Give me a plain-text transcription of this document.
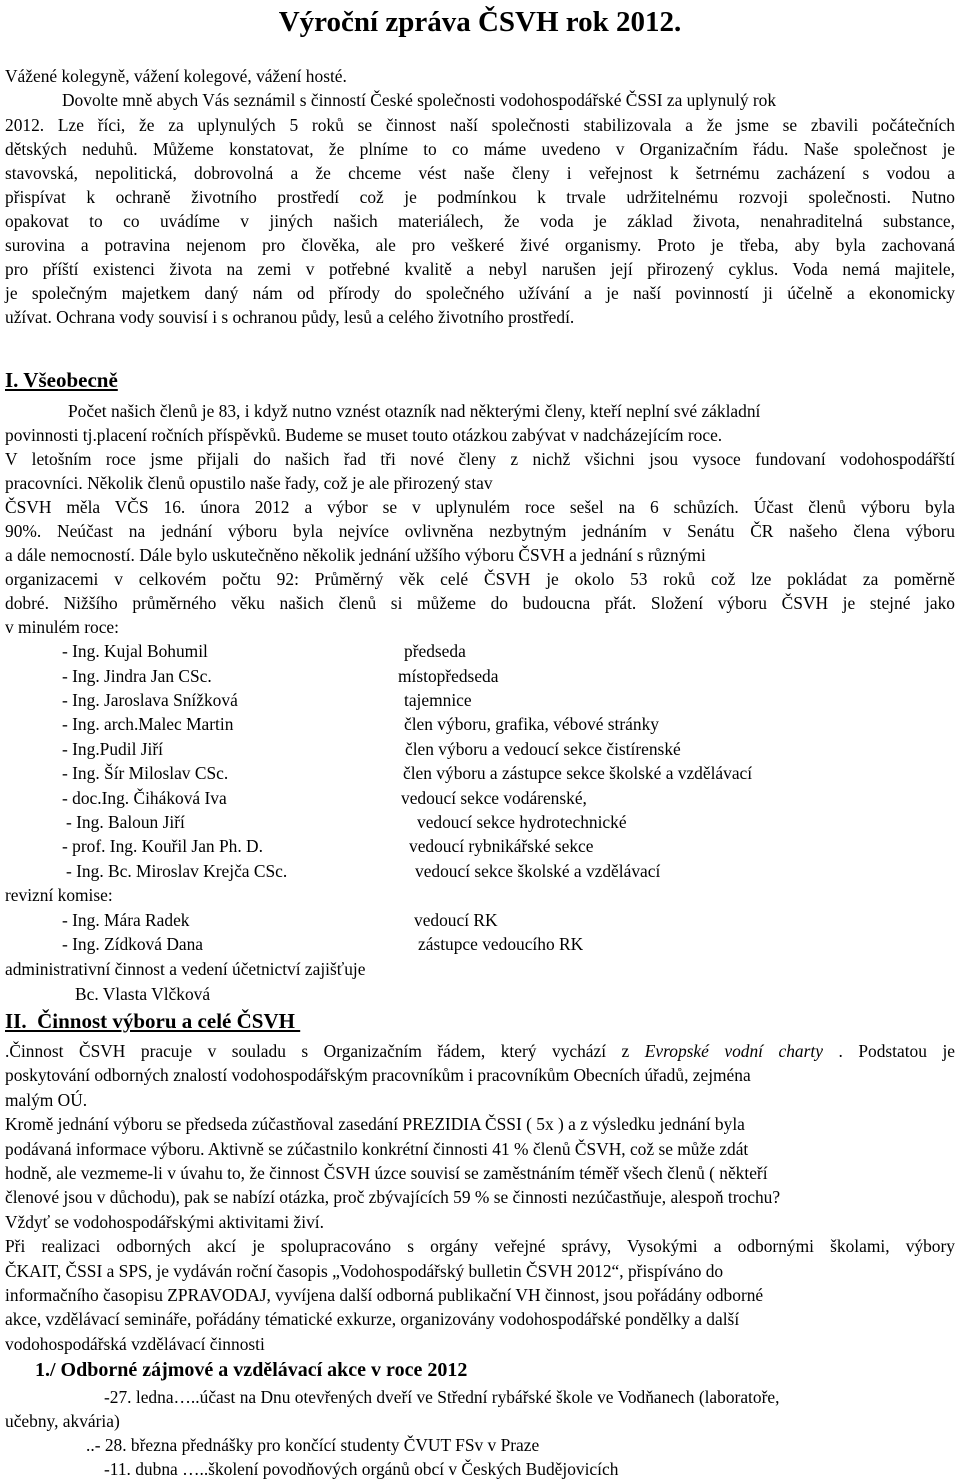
Výroční zpráva ČSVH rok 2012.
Vážené kolegyně, vážení kolegové, vážení hosté.
Dovolte mně abych Vás seznámil s činností České společnosti vodohospodářské ČSSI za uplynulý rok
2012. Lze říci, že za uplynulých 5 roků se činnost naší společnosti stabilizovala a že jsme se zbavili počátečních
dětských neduhů. Můžeme konstatovat, že plníme to co máme uvedeno v Organizačním řádu. Naše společnost je
stavovská, nepolitická, dobrovolná a že chceme vést naše členy i veřejnost k šetrnému zacházení s vodou a
přispívat k ochraně životního prostředí což je podmínkou k trvale udržitelnému rozvoji společnosti. Nutno
opakovat to co uvádíme v jiných našich materiálech, že voda je základ života, nenahraditelná substance,
surovina a potravina nejenom pro člověka, ale pro veškeré živé organismy. Proto je třeba, aby byla zachovaná
pro příští existenci života na zemi v potřebné kvalitě a nebyl narušen její přirozený cyklus. Voda nemá majitele,
je společným majetkem daný nám od přírody do společného užívání a je naší povinností ji účelně a ekonomicky
užívat. Ochrana vody souvisí i s ochranou půdy, lesů a celého životního prostředí.
I. Všeobecně
Počet našich členů je 83, i když nutno vznést otazník nad některými členy, kteří neplní své základní
povinnosti tj.placení ročních příspěvků. Budeme se muset touto otázkou zabývat v nadcházejícím roce.
V letošním roce jsme přijali do našich řad tři nové členy z nichž všichni jsou vysoce fundovaní vodohospodářští
pracovníci. Několik členů opustilo naše řady, což je ale přirozený stav
ČSVH měla VČS 16. února 2012 a výbor se v uplynulém roce sešel na 6 schůzích. Účast členů výboru byla
90%. Neúčast na jednání výboru byla nejvíce ovlivněna nezbytným jednáním v Senátu ČR našeho člena výboru
a dále nemocností. Dále bylo uskutečněno několik jednání užšího výboru ČSVH a jednání s různými
organizacemi v celkovém počtu 92: Průměrný věk celé ČSVH je okolo 53 roků což lze pokládat za poměrně
dobré. Nižšího průměrného věku našich členů si můžeme do budoucna přát. Složení výboru ČSVH je stejné jako
v minulém roce:
- Ing. Kujal Bohumil	předseda
- Ing. Jindra Jan CSc.	místopředseda
- Ing. Jaroslava Snížková	tajemnice
- Ing. arch.Malec Martin	člen výboru, grafika, vébové stránky
- Ing.Pudil Jiří	člen výboru a vedoucí sekce čistírenské
- Ing. Šír Miloslav CSc.	člen výboru a zástupce sekce školské a vzdělávací
- doc.Ing. Čiháková Iva	vedoucí sekce vodárenské,
- Ing. Baloun Jiří	vedoucí sekce hydrotechnické
- prof. Ing. Kouřil Jan Ph. D.	vedoucí rybnikářské sekce
- Ing. Bc. Miroslav Krejča CSc.	vedoucí sekce školské a vzdělávací
revizní komise:
- Ing. Mára Radek	vedoucí RK
- Ing. Zídková Dana	zástupce vedoucího RK
administrativní činnost a vedení účetnictví zajišťuje
Bc. Vlasta Vlčková
II.  Činnost výboru a celé ČSVH
.Činnost ČSVH pracuje v souladu s Organizačním řádem, který vychází z Evropské vodní charty . Podstatou je
poskytování odborných znalostí vodohospodářským pracovníkům i pracovníkům Obecních úřadů, zejména
malým OÚ.
Kromě jednání výboru se předseda zúčastňoval zasedání PREZIDIA ČSSI ( 5x ) a z výsledku jednání byla
podávaná informace výboru. Aktivně se zúčastnilo konkrétní činnosti 41 % členů ČSVH, což se může zdát
hodně, ale vezmeme-li v úvahu to, že činnost ČSVH úzce souvisí se zaměstnáním téměř všech členů ( někteří
členové jsou v důchodu), pak se nabízí otázka, proč zbývajících 59 % se činnosti nezúčastňuje, alespoň trochu?
Vždyť se vodohospodářskými aktivitami živí.
Při realizaci odborných akcí je spolupracováno s orgány veřejné správy, Vysokými a odbornými školami, výbory
ČKAIT, ČSSI a SPS, je vydáván roční časopis „Vodohospodářský bulletin ČSVH 2012“, přispíváno do
informačního časopisu ZPRAVODAJ, vyvíjena další odborná publikační VH činnost, jsou pořádány odborné
akce, vzdělávací semináře, pořádány tématické exkurze, organizovány vodohospodářské pondělky a další
vodohospodářská vzdělávací činnosti
1./ Odborné zájmové a vzdělávací akce v roce 2012
-27. ledna…..účast na Dnu otevřených dveří ve Střední rybářské škole ve Vodňanech (laboratoře,
učebny, akvária)
..- 28. března přednášky pro končící studenty ČVUT FSv v Praze
-11. dubna …..školení povodňových orgánů obcí v Českých Budějovicích
